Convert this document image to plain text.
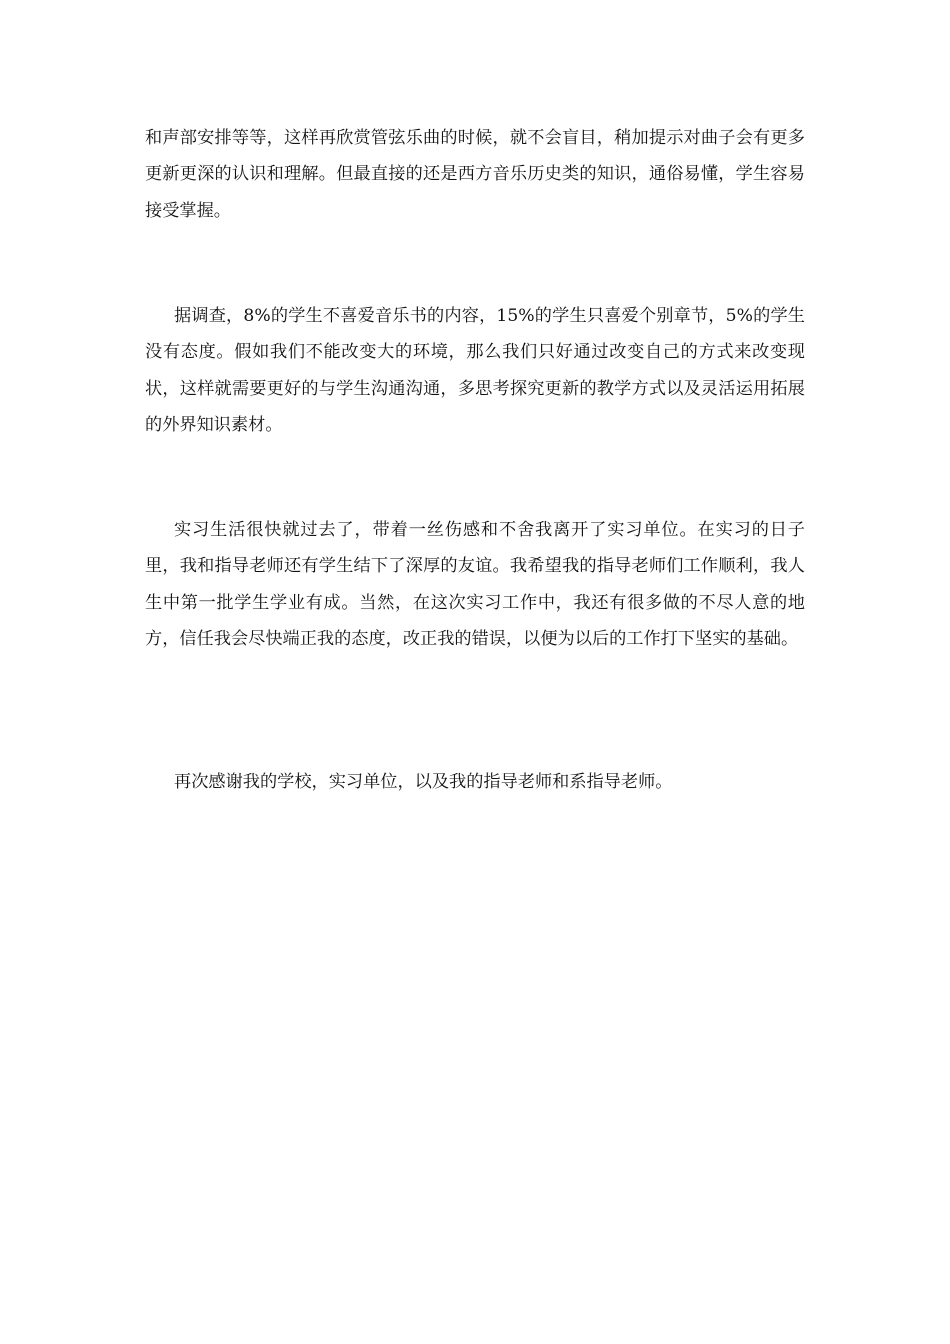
和声部安排等等，这样再欣赏管弦乐曲的时候，就不会盲目，稍加提示对曲子会有更多更新更深的认识和理解。但最直接的还是西方音乐历史类的知识，通俗易懂，学生容易接受掌握。

据调查，8%的学生不喜爱音乐书的内容，15%的学生只喜爱个别章节，5%的学生没有态度。假如我们不能改变大的环境，那么我们只好通过改变自己的方式来改变现状，这样就需要更好的与学生沟通沟通，多思考探究更新的教学方式以及灵活运用拓展的外界知识素材。

实习生活很快就过去了，带着一丝伤感和不舍我离开了实习单位。在实习的日子里，我和指导老师还有学生结下了深厚的友谊。我希望我的指导老师们工作顺利，我人生中第一批学生学业有成。当然，在这次实习工作中，我还有很多做的不尽人意的地方，信任我会尽快端正我的态度，改正我的错误，以便为以后的工作打下坚实的基础。

再次感谢我的学校，实习单位，以及我的指导老师和系指导老师。
